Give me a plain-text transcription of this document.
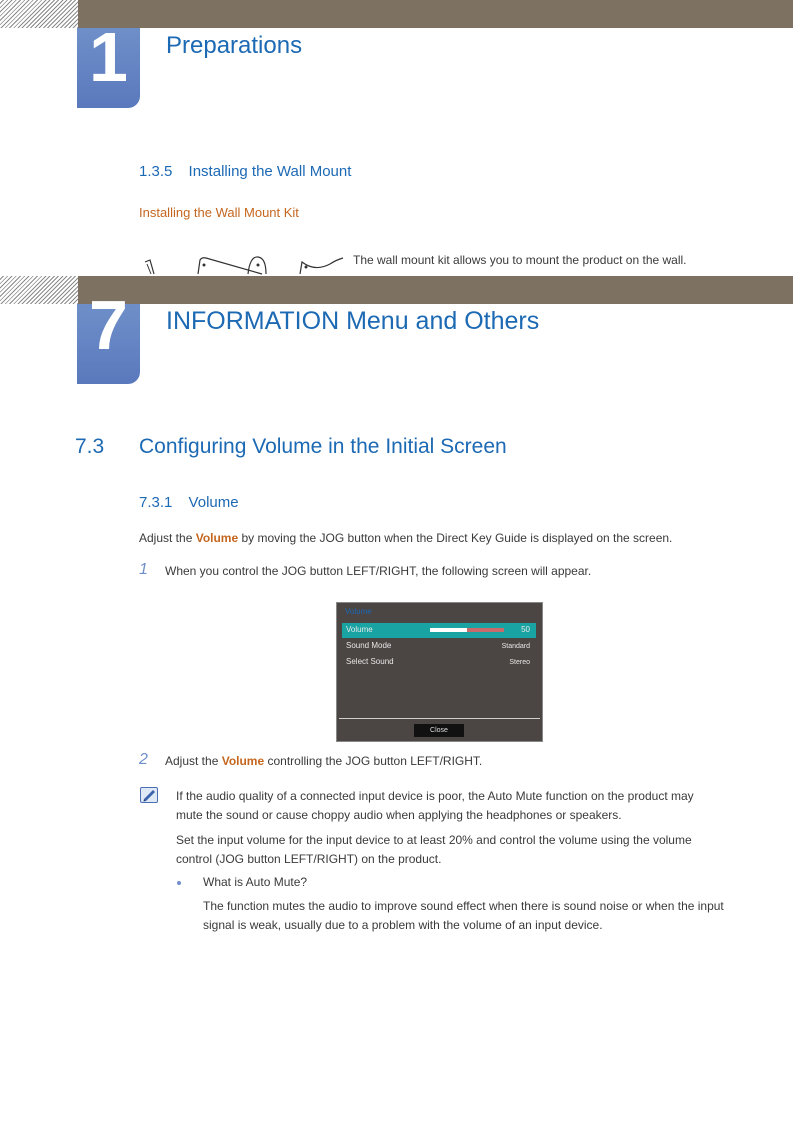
1	Preparations
1.3.5 Installing the Wall Mount
Installing the Wall Mount Kit
The wall mount kit allows you to mount the product on the wall.
7	INFORMATION Menu and Others
7.3 Configuring Volume in the Initial Screen
7.3.1 Volume
Adjust the Volume by moving the JOG button when the Direct Key Guide is displayed on the screen.
1 When you control the JOG button LEFT/RIGHT, the following screen will appear.
Volume
Volume	50
Sound Mode	Standard
Select Sound	Stereo
Close
2 Adjust the Volume controlling the JOG button LEFT/RIGHT.
If the audio quality of a connected input device is poor, the Auto Mute function on the product may
mute the sound or cause choppy audio when applying the headphones or speakers.
Set the input volume for the input device to at least 20% and control the volume using the volume
control (JOG button LEFT/RIGHT) on the product.
What is Auto Mute?
The function mutes the audio to improve sound effect when there is sound noise or when the input
signal is weak, usually due to a problem with the volume of an input device.
